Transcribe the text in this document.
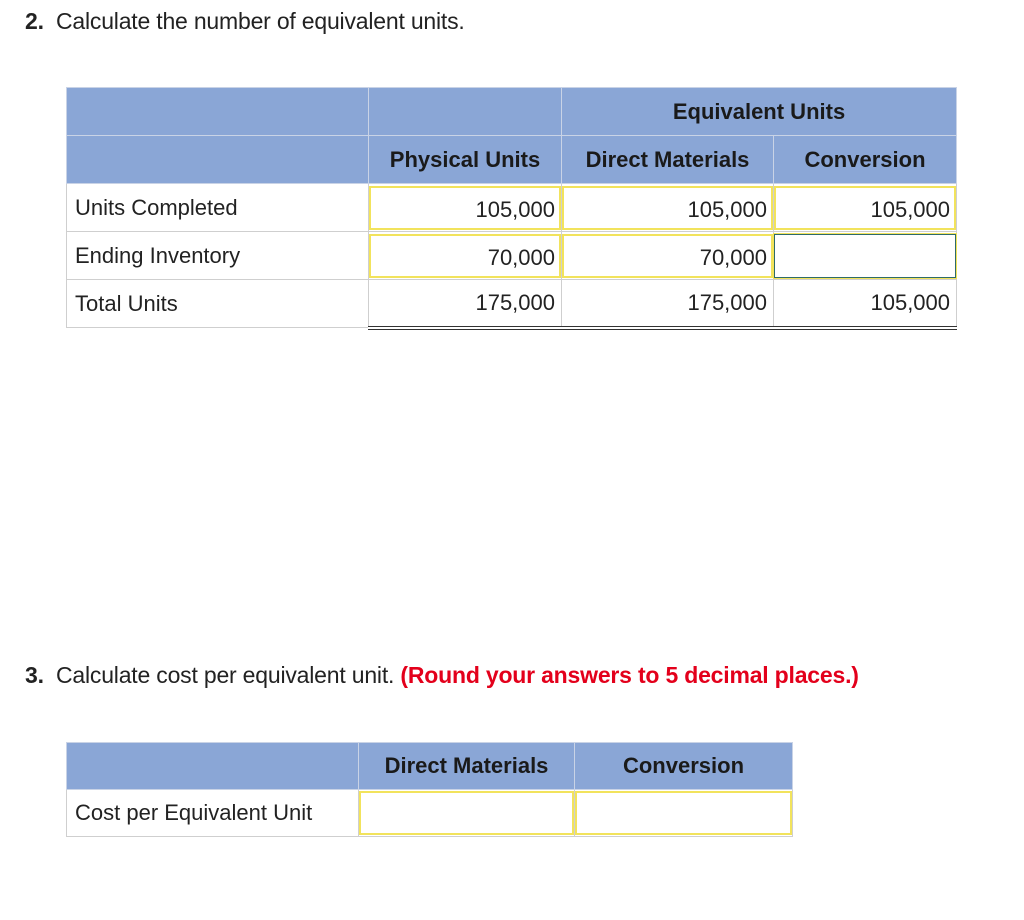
2. Calculate the number of equivalent units.
		Equivalent Units	
	Physical Units	Direct Materials	Conversion
Units Completed	105,000	105,000	105,000

Ending Inventory	70,000	70,000	

Total Units	175,000	175,000	105,000
3. Calculate cost per equivalent unit. (Round your answers to 5 decimal places.)
	Direct Materials	Conversion
Cost per Equivalent Unit	
